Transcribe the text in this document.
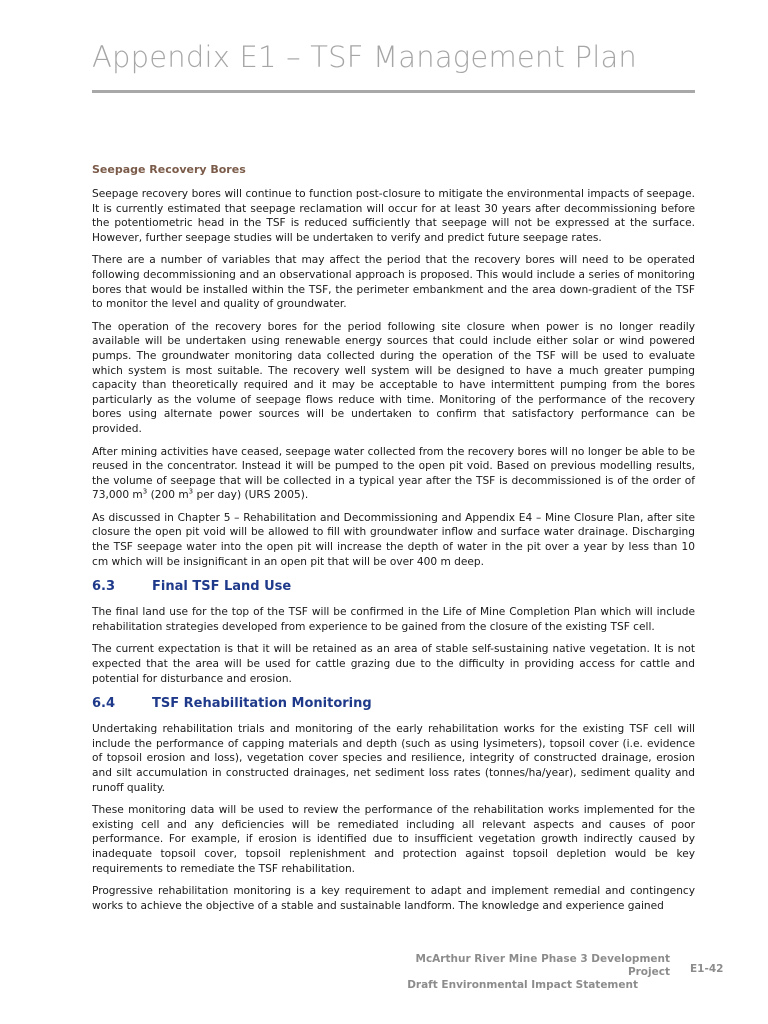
Appendix E1 – TSF Management Plan
Seepage Recovery Bores

Seepage recovery bores will continue to function post-closure to mitigate the environmental impacts of seepage. It is currently estimated that seepage reclamation will occur for at least 30 years after decommissioning before the potentiometric head in the TSF is reduced sufficiently that seepage will not be expressed at the surface. However, further seepage studies will be undertaken to verify and predict future seepage rates.

There are a number of variables that may affect the period that the recovery bores will need to be operated following decommissioning and an observational approach is proposed. This would include a series of monitoring bores that would be installed within the TSF, the perimeter embankment and the area down-gradient of the TSF to monitor the level and quality of groundwater.

The operation of the recovery bores for the period following site closure when power is no longer readily available will be undertaken using renewable energy sources that could include either solar or wind powered pumps. The groundwater monitoring data collected during the operation of the TSF will be used to evaluate which system is most suitable. The recovery well system will be designed to have a much greater pumping capacity than theoretically required and it may be acceptable to have intermittent pumping from the bores particularly as the volume of seepage flows reduce with time. Monitoring of the performance of the recovery bores using alternate power sources will be undertaken to confirm that satisfactory performance can be provided.

After mining activities have ceased, seepage water collected from the recovery bores will no longer be able to be reused in the concentrator. Instead it will be pumped to the open pit void. Based on previous modelling results, the volume of seepage that will be collected in a typical year after the TSF is decommissioned is of the order of 73,000 $m^3$ (200 $m^3$ per day) (URS 2005).

As discussed in Chapter 5 – Rehabilitation and Decommissioning and Appendix E4 – Mine Closure Plan, after site closure the open pit void will be allowed to fill with groundwater inflow and surface water drainage. Discharging the TSF seepage water into the open pit will increase the depth of water in the pit over a year by less than 10 cm which will be insignificant in an open pit that will be over 400 m deep.

6.3	Final TSF Land Use

The final land use for the top of the TSF will be confirmed in the Life of Mine Completion Plan which will include rehabilitation strategies developed from experience to be gained from the closure of the existing TSF cell.

The current expectation is that it will be retained as an area of stable self-sustaining native vegetation. It is not expected that the area will be used for cattle grazing due to the difficulty in providing access for cattle and potential for disturbance and erosion.

6.4	TSF Rehabilitation Monitoring

Undertaking rehabilitation trials and monitoring of the early rehabilitation works for the existing TSF cell will include the performance of capping materials and depth (such as using lysimeters), topsoil cover (i.e. evidence of topsoil erosion and loss), vegetation cover species and resilience, integrity of constructed drainage, erosion and silt accumulation in constructed drainages, net sediment loss rates (tonnes/ha/year), sediment quality and runoff quality.

These monitoring data will be used to review the performance of the rehabilitation works implemented for the existing cell and any deficiencies will be remediated including all relevant aspects and causes of poor performance. For example, if erosion is identified due to insufficient vegetation growth indirectly caused by inadequate topsoil cover, topsoil replenishment and protection against topsoil depletion would be key requirements to remediate the TSF rehabilitation.

Progressive rehabilitation monitoring is a key requirement to adapt and implement remedial and contingency works to achieve the objective of a stable and sustainable landform. The knowledge and experience gained

McArthur River Mine Phase 3 Development Project
Draft Environmental Impact Statement
E1-42
